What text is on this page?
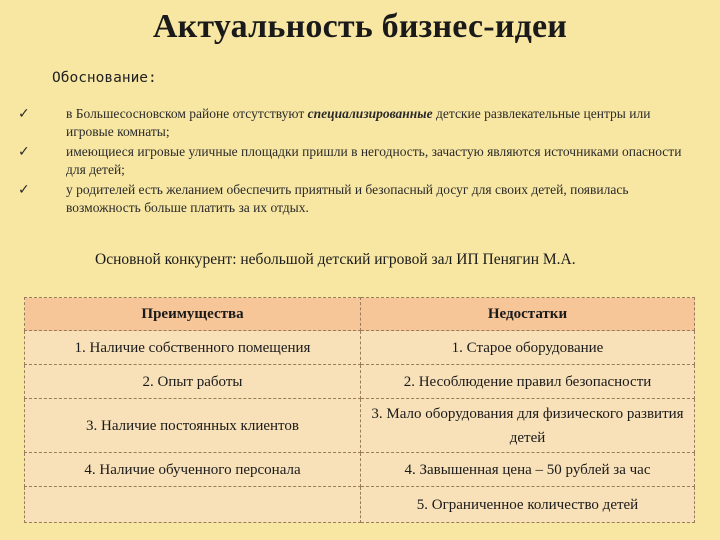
Актуальность бизнес-идеи
Обоснование:
✓	в Большесосновском районе отсутствуют специализированные детские развлекательные центры или игровые комнаты;
✓	имеющиеся игровые уличные площадки пришли в негодность, зачастую являются источниками опасности для детей;
✓	у родителей есть желанием обеспечить приятный и безопасный досуг для своих детей, появилась возможность больше платить за их отдых.
Основной конкурент: небольшой детский игровой зал ИП Пенягин М.А.
Преимущества	Недостатки
1. Наличие собственного помещения	1. Старое оборудование
2. Опыт работы	2. Несоблюдение правил безопасности
3. Наличие постоянных клиентов	3. Мало оборудования для физического развития детей
4. Наличие обученного персонала	4. Завышенная цена – 50 рублей за час
	5. Ограниченное количество детей
